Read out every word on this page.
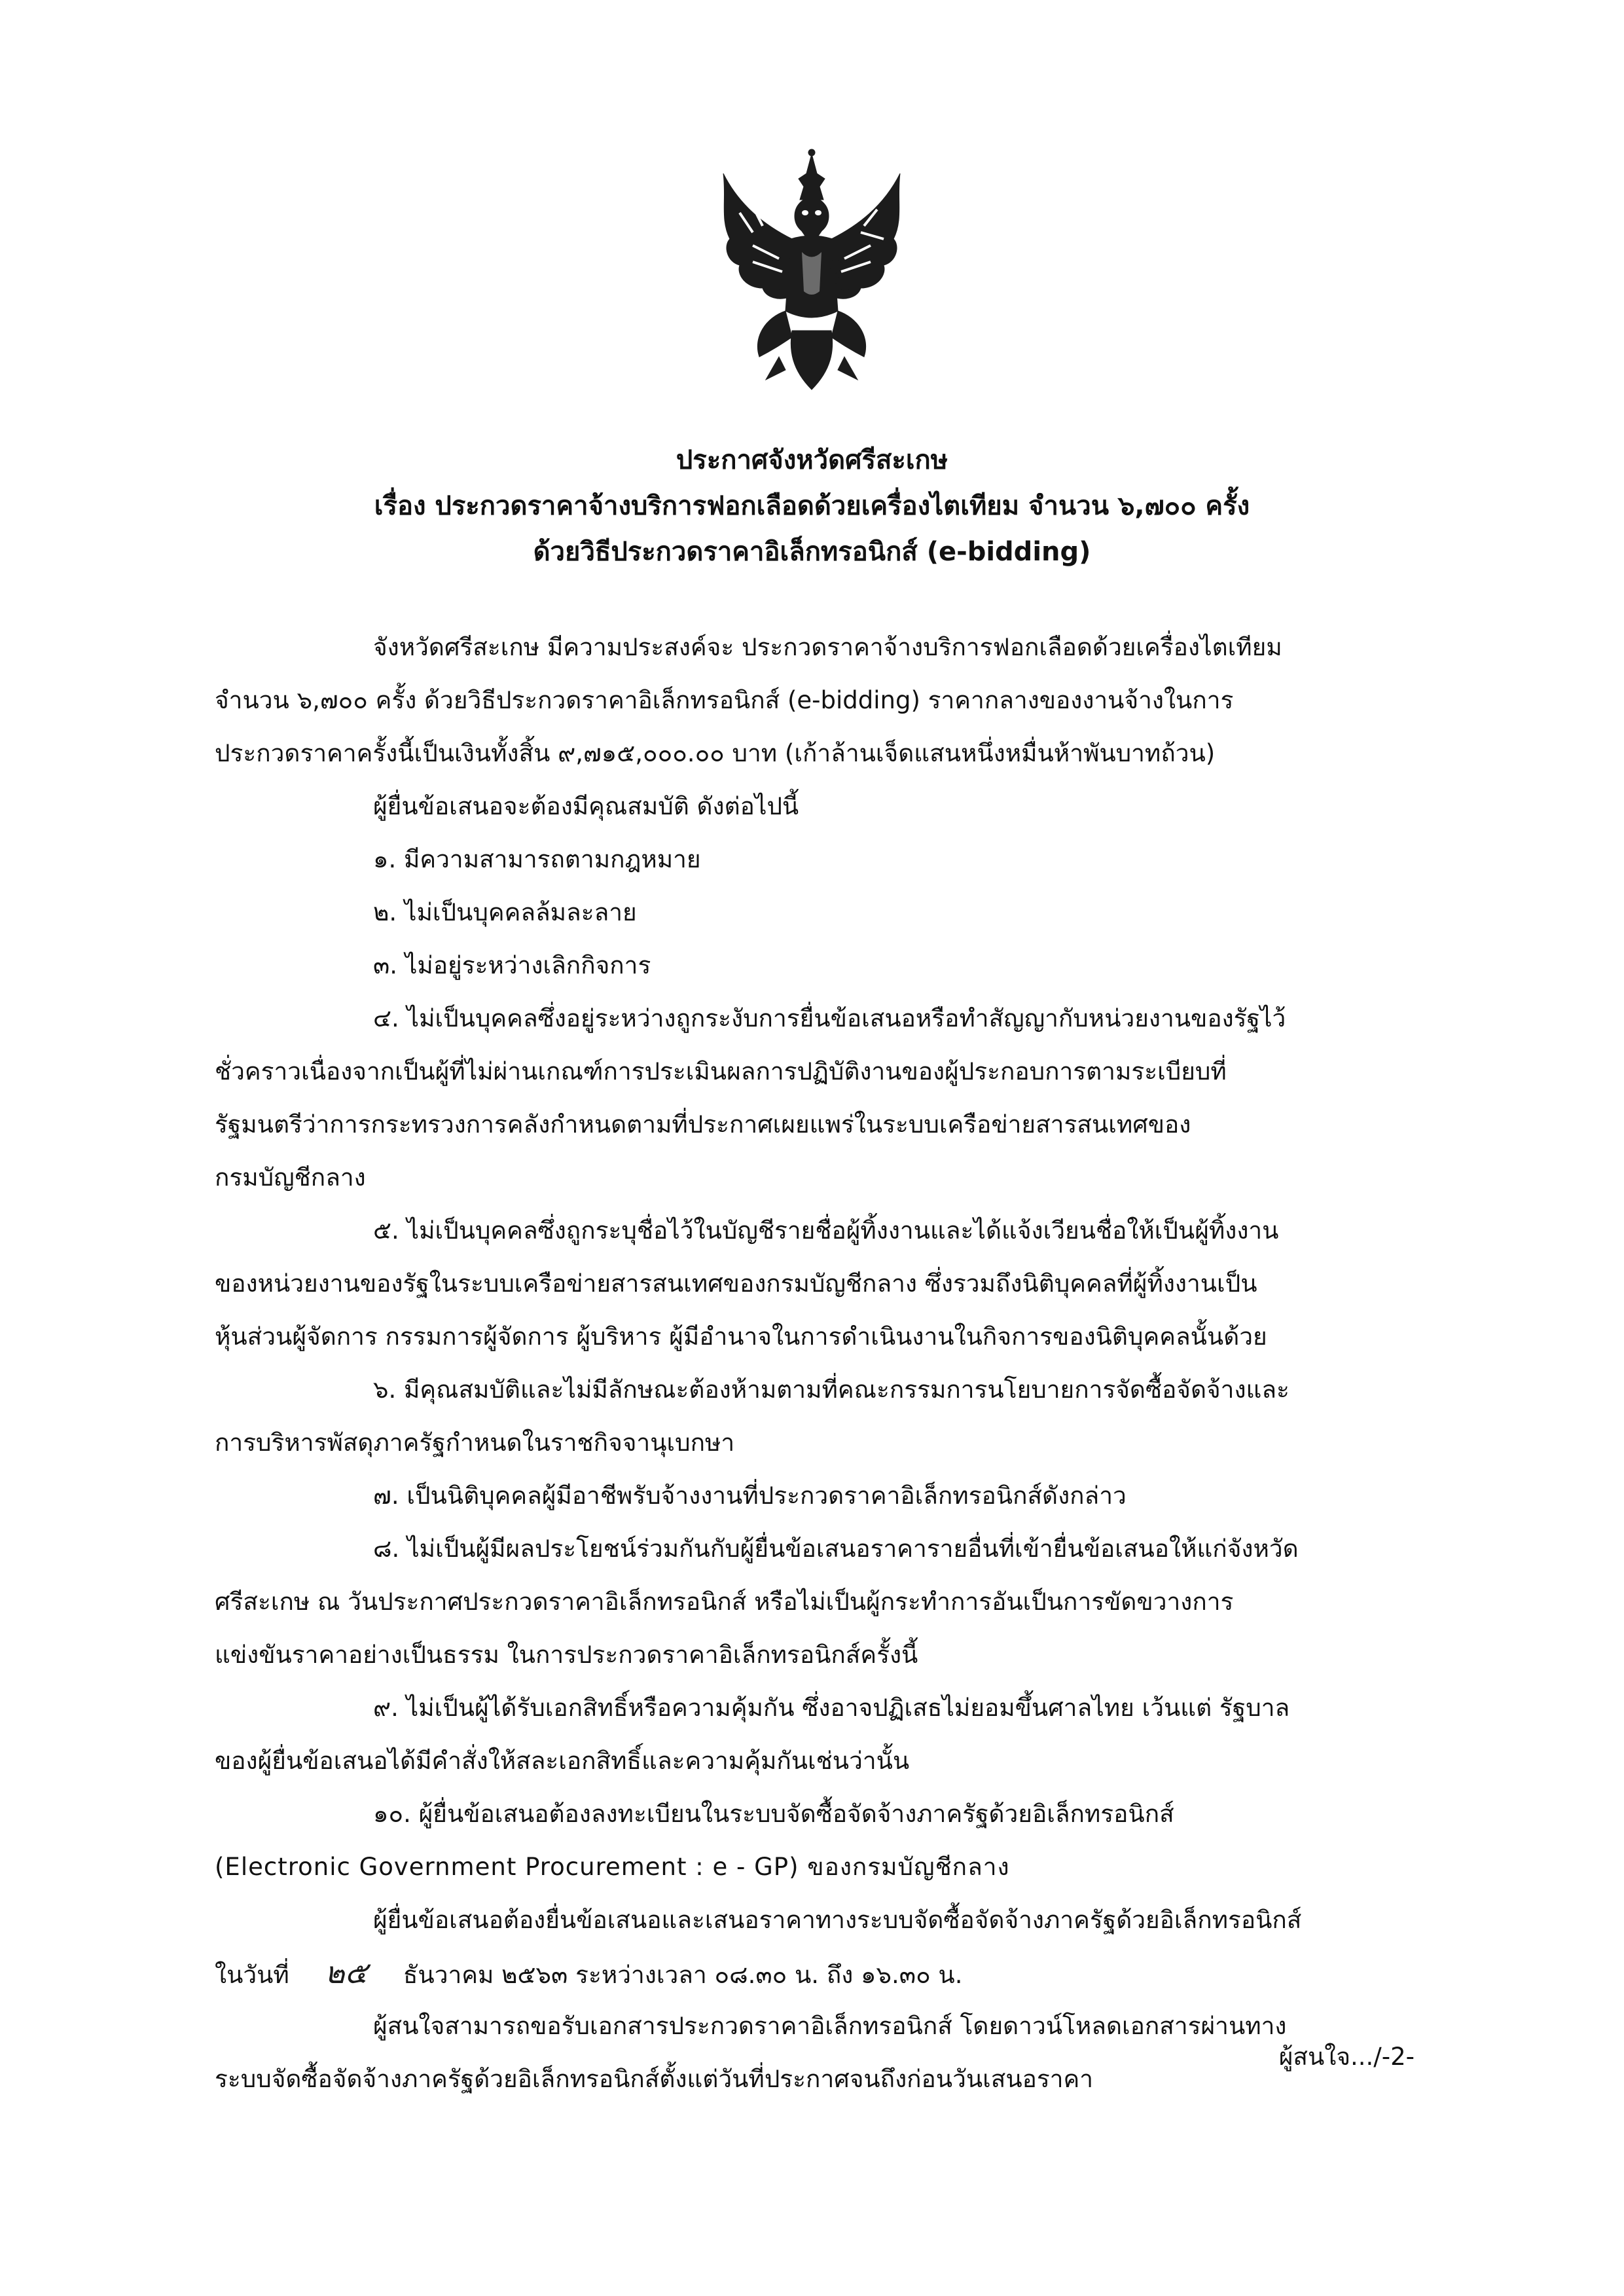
ประกาศจังหวัดศรีสะเกษ
เรื่อง ประกวดราคาจ้างบริการฟอกเลือดด้วยเครื่องไตเทียม จำนวน ๖,๗๐๐ ครั้ง
ด้วยวิธีประกวดราคาอิเล็กทรอนิกส์ (e-bidding)
จังหวัดศรีสะเกษ มีความประสงค์จะ ประกวดราคาจ้างบริการฟอกเลือดด้วยเครื่องไตเทียม
จำนวน ๖,๗๐๐ ครั้ง ด้วยวิธีประกวดราคาอิเล็กทรอนิกส์ (e-bidding) ราคากลางของงานจ้างในการ
ประกวดราคาครั้งนี้เป็นเงินทั้งสิ้น ๙,๗๑๕,๐๐๐.๐๐ บาท (เก้าล้านเจ็ดแสนหนึ่งหมื่นห้าพันบาทถ้วน)
ผู้ยื่นข้อเสนอจะต้องมีคุณสมบัติ ดังต่อไปนี้
๑. มีความสามารถตามกฎหมาย
๒. ไม่เป็นบุคคลล้มละลาย
๓. ไม่อยู่ระหว่างเลิกกิจการ
๔. ไม่เป็นบุคคลซึ่งอยู่ระหว่างถูกระงับการยื่นข้อเสนอหรือทำสัญญากับหน่วยงานของรัฐไว้
ชั่วคราวเนื่องจากเป็นผู้ที่ไม่ผ่านเกณฑ์การประเมินผลการปฏิบัติงานของผู้ประกอบการตามระเบียบที่
รัฐมนตรีว่าการกระทรวงการคลังกำหนดตามที่ประกาศเผยแพร่ในระบบเครือข่ายสารสนเทศของ
กรมบัญชีกลาง
๕. ไม่เป็นบุคคลซึ่งถูกระบุชื่อไว้ในบัญชีรายชื่อผู้ทิ้งงานและได้แจ้งเวียนชื่อให้เป็นผู้ทิ้งงาน
ของหน่วยงานของรัฐในระบบเครือข่ายสารสนเทศของกรมบัญชีกลาง ซึ่งรวมถึงนิติบุคคลที่ผู้ทิ้งงานเป็น
หุ้นส่วนผู้จัดการ กรรมการผู้จัดการ ผู้บริหาร ผู้มีอำนาจในการดำเนินงานในกิจการของนิติบุคคลนั้นด้วย
๖. มีคุณสมบัติและไม่มีลักษณะต้องห้ามตามที่คณะกรรมการนโยบายการจัดซื้อจัดจ้างและ
การบริหารพัสดุภาครัฐกำหนดในราชกิจจานุเบกษา
๗. เป็นนิติบุคคลผู้มีอาชีพรับจ้างงานที่ประกวดราคาอิเล็กทรอนิกส์ดังกล่าว
๘. ไม่เป็นผู้มีผลประโยชน์ร่วมกันกับผู้ยื่นข้อเสนอราคารายอื่นที่เข้ายื่นข้อเสนอให้แก่จังหวัด
ศรีสะเกษ ณ วันประกาศประกวดราคาอิเล็กทรอนิกส์ หรือไม่เป็นผู้กระทำการอันเป็นการขัดขวางการ
แข่งขันราคาอย่างเป็นธรรม ในการประกวดราคาอิเล็กทรอนิกส์ครั้งนี้
๙. ไม่เป็นผู้ได้รับเอกสิทธิ์หรือความคุ้มกัน ซึ่งอาจปฏิเสธไม่ยอมขึ้นศาลไทย เว้นแต่ รัฐบาล
ของผู้ยื่นข้อเสนอได้มีคำสั่งให้สละเอกสิทธิ์และความคุ้มกันเช่นว่านั้น
๑๐. ผู้ยื่นข้อเสนอต้องลงทะเบียนในระบบจัดซื้อจัดจ้างภาครัฐด้วยอิเล็กทรอนิกส์
(Electronic Government Procurement : e - GP) ของกรมบัญชีกลาง
ผู้ยื่นข้อเสนอต้องยื่นข้อเสนอและเสนอราคาทางระบบจัดซื้อจัดจ้างภาครัฐด้วยอิเล็กทรอนิกส์
ในวันที่ ๒๕ ธันวาคม ๒๕๖๓ ระหว่างเวลา ๐๘.๓๐ น. ถึง ๑๖.๓๐ น.
ผู้สนใจสามารถขอรับเอกสารประกวดราคาอิเล็กทรอนิกส์ โดยดาวน์โหลดเอกสารผ่านทาง
ระบบจัดซื้อจัดจ้างภาครัฐด้วยอิเล็กทรอนิกส์ตั้งแต่วันที่ประกาศจนถึงก่อนวันเสนอราคา
ผู้สนใจ.../-2-
